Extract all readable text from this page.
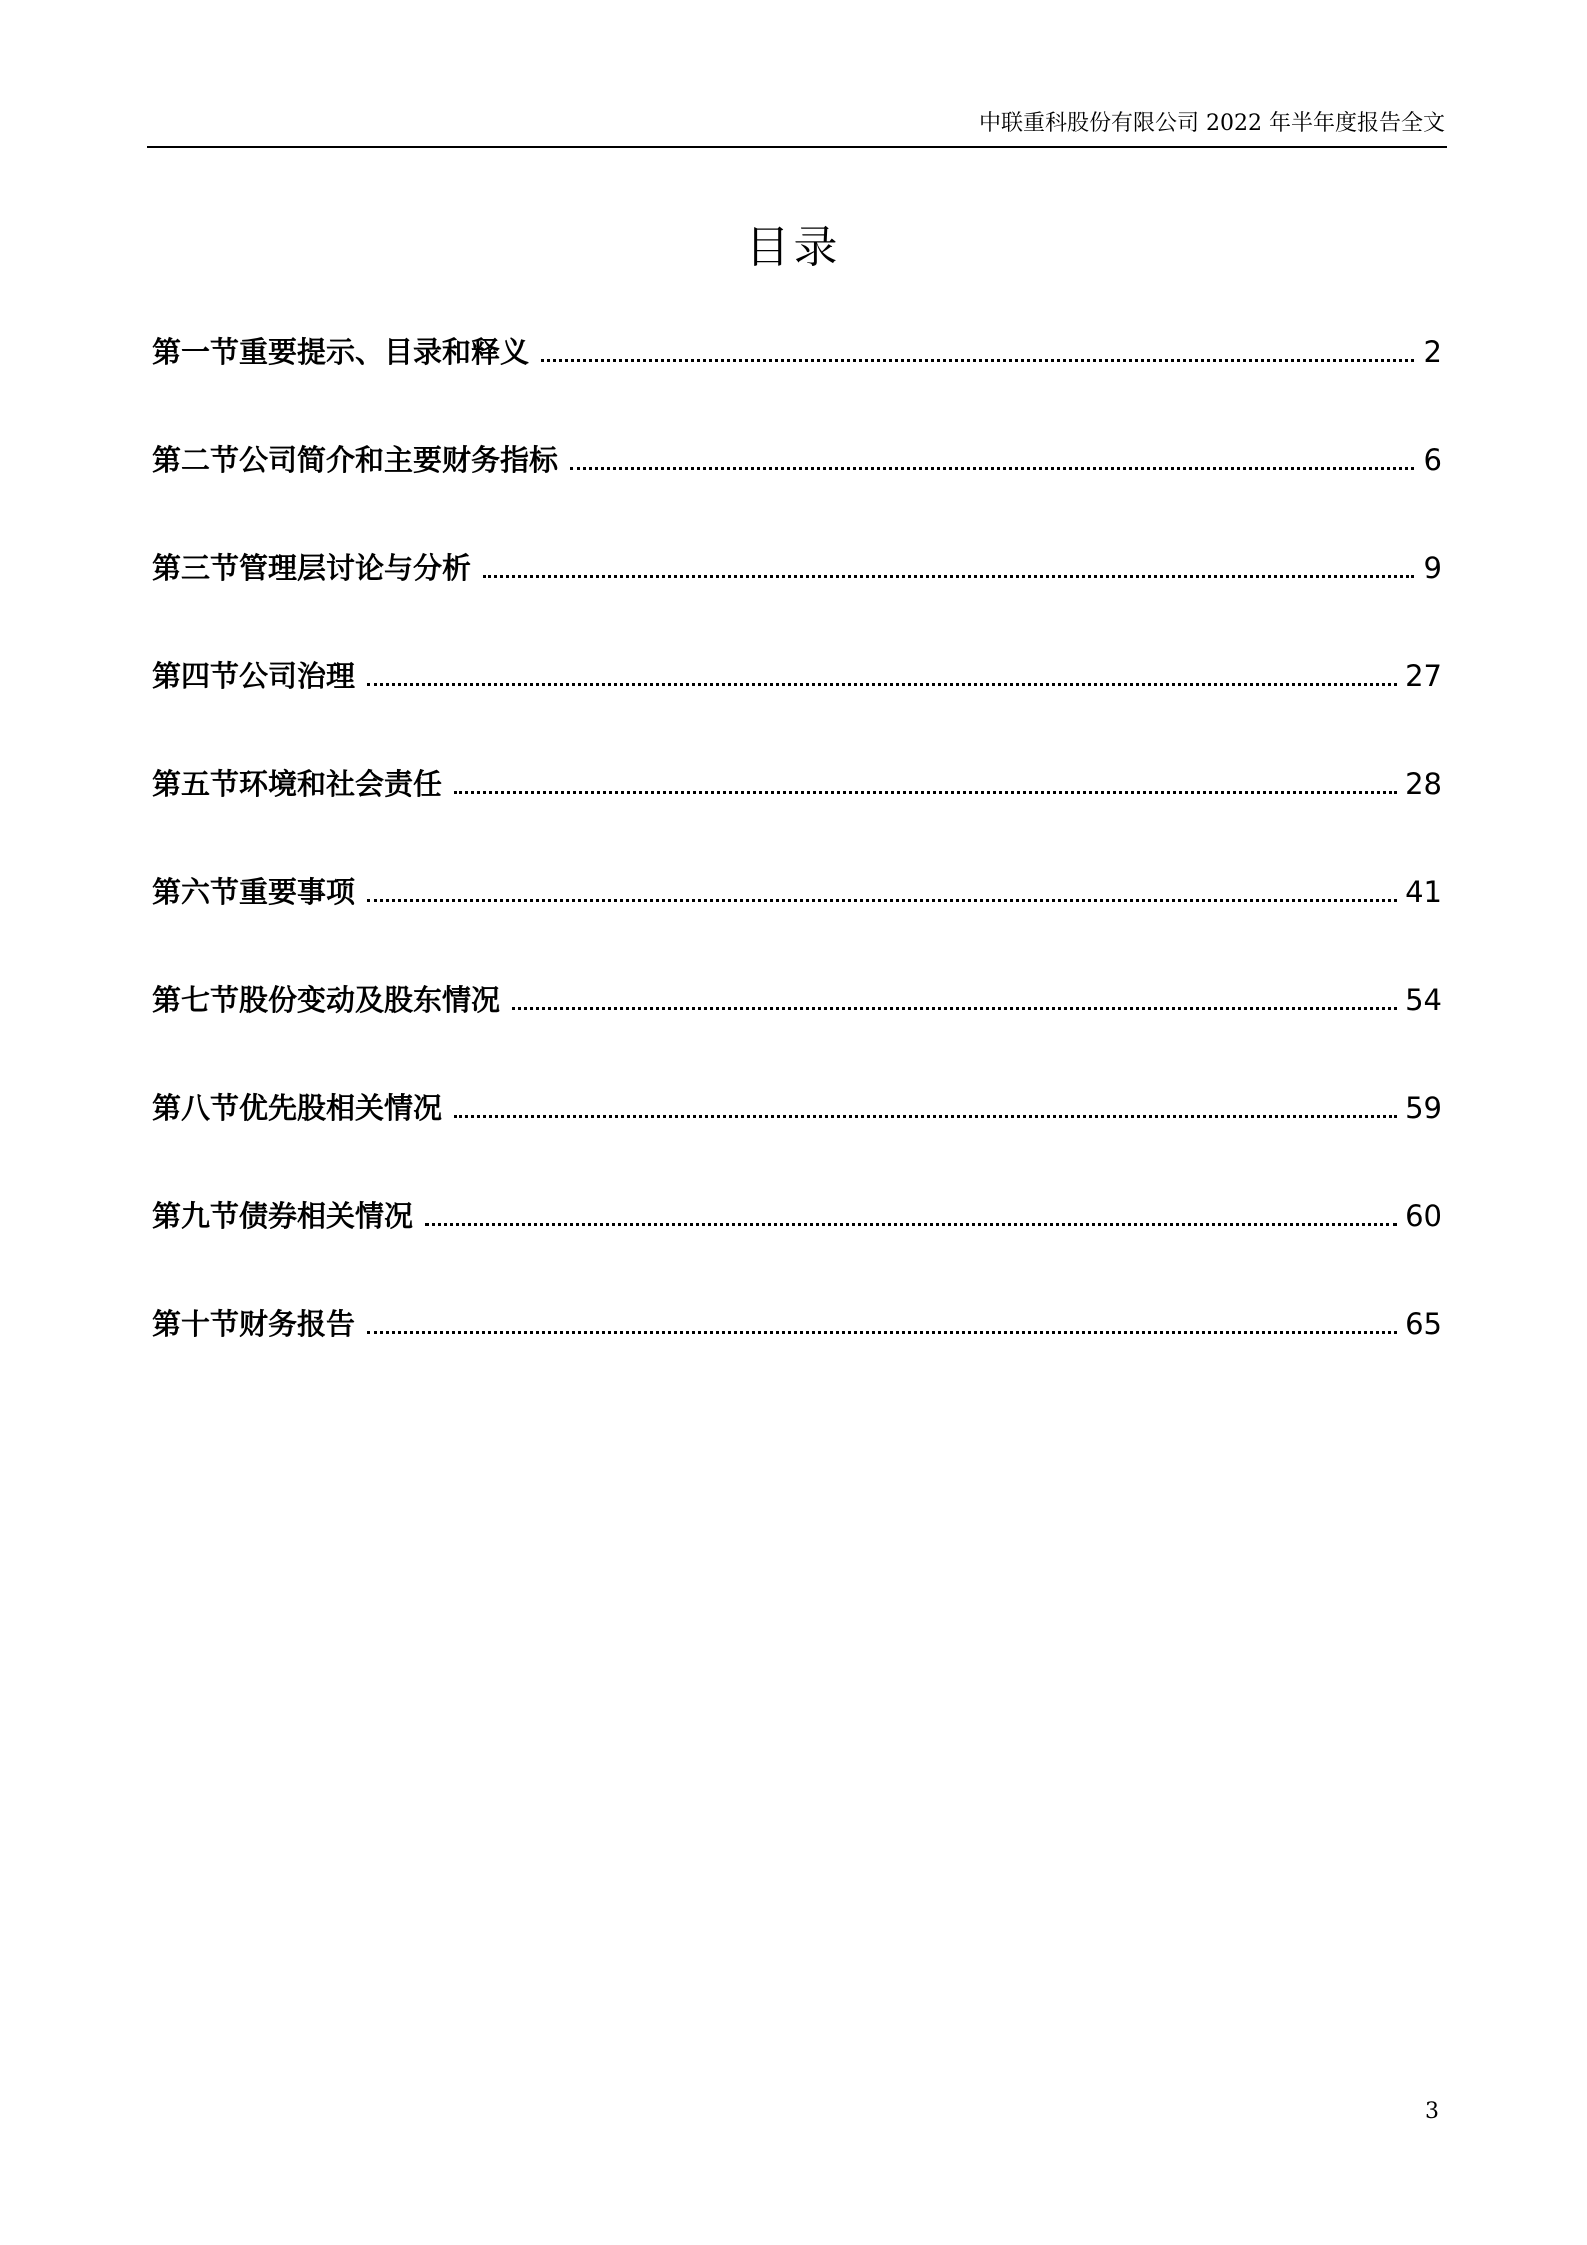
中联重科股份有限公司 2022 年半年度报告全文
目录
第一节重要提示、目录和释义	2
第二节公司简介和主要财务指标	6
第三节管理层讨论与分析	9
第四节公司治理	27
第五节环境和社会责任	28
第六节重要事项	41
第七节股份变动及股东情况	54
第八节优先股相关情况	59
第九节债券相关情况	60
第十节财务报告	65
3
